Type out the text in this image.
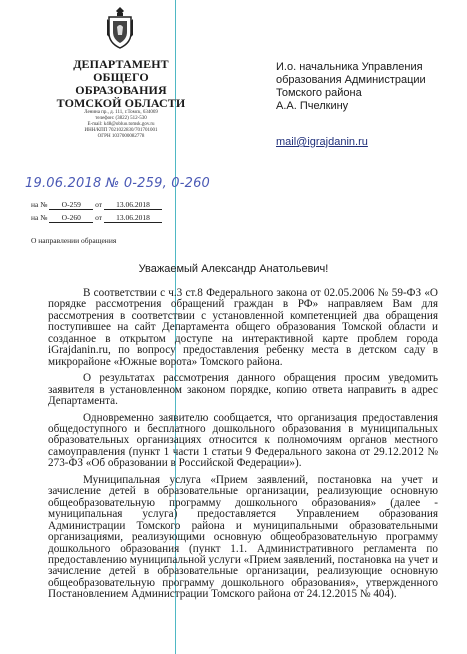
ДЕПАРТАМЕНТ
ОБЩЕГО ОБРАЗОВАНИЯ
ТОМСКОЙ ОБЛАСТИ
Ленина пр., д. 111, г.Томск, 634069
телефон: (3822) 512-530
E-mail: k48@obluo.tomsk.gov.ru
ИНН/КПП 7021022830/701701001
ОГРН 1037000082778
И.о. начальника Управления
образования Администрации
Томского района
А.А. Пчелкину
mail@igrajdanin.ru
19.06.2018 № 0-259, 0-260
на № О-259 от 13.06.2018
на № О-260 от 13.06.2018
О направлении обращения
Уважаемый Александр Анатольевич!

В соответствии с ч.3 ст.8 Федерального закона от 02.05.2006 № 59-ФЗ «О порядке рассмотрения обращений граждан в РФ» направляем Вам для рассмотрения в соответствии с установленной компетенцией два обращения поступившее на сайт Департамента общего образования Томской области и созданное в открытом доступе на интерактивной карте проблем города iGrajdanin.ru, по вопросу предоставления ребенку места в детском саду в микрорайоне «Южные ворота» Томского района.

О результатах рассмотрения данного обращения просим уведомить заявителя в установленном законом порядке, копию ответа направить в адрес Департамента.

Одновременно заявителю сообщается, что организация предоставления общедоступного и бесплатного дошкольного образования в муниципальных образовательных организациях относится к полномочиям органов местного самоуправления (пункт 1 части 1 статьи 9 Федерального закона от 29.12.2012 № 273-ФЗ «Об образовании в Российской Федерации»).

Муниципальная услуга «Прием заявлений, постановка на учет и зачисление детей в образовательные организации, реализующие основную общеобразовательную программу дошкольного образования» (далее - муниципальная услуга) предоставляется Управлением образования Администрации Томского района и муниципальными образовательными организациями, реализующими основную общеобразовательную программу дошкольного образования (пункт 1.1. Административного регламента по предоставлению муниципальной услуги «Прием заявлений, постановка на учет и зачисление детей в образовательные организации, реализующие основную общеобразовательную программу дошкольного образования», утвержденного Постановлением Администрации Томского района от 24.12.2015 № 404).
